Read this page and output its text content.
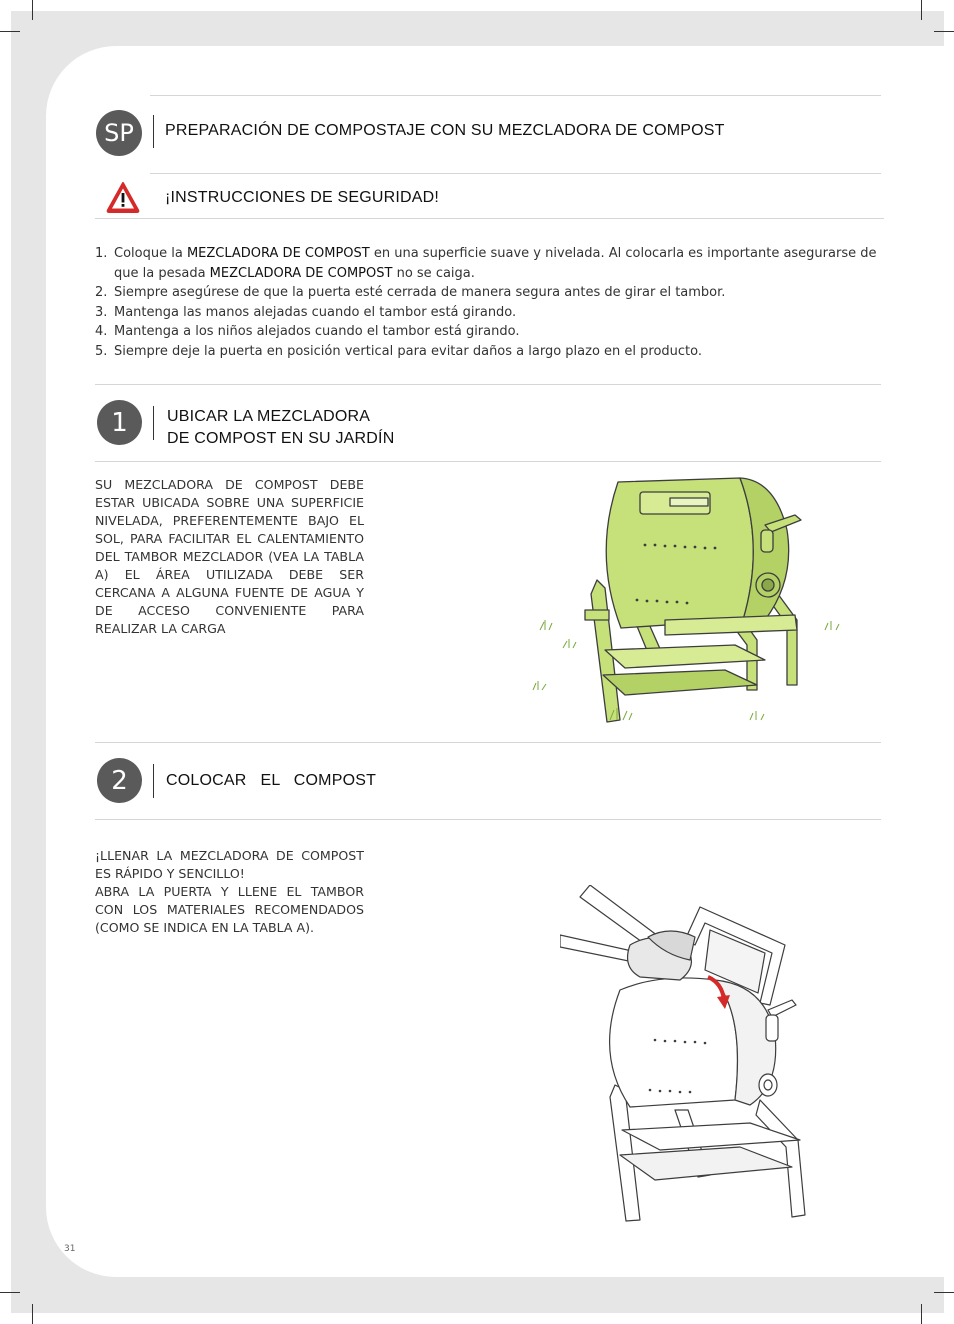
SP	PREPARACIÓN DE COMPOSTAJE CON SU MEZCLADORA DE COMPOST
¡INSTRUCCIONES DE SEGURIDAD!
1. Coloque la MEZCLADORA DE COMPOST en una superficie suave y nivelada. Al colocarla es importante asegurarse de que la pesada MEZCLADORA DE COMPOST no se caiga.
2. Siempre asegúrese de que la puerta esté cerrada de manera segura antes de girar el tambor.
3. Mantenga las manos alejadas cuando el tambor está girando.
4. Mantenga a los niños alejados cuando el tambor está girando.
5. Siempre deje la puerta en posición vertical para evitar daños a largo plazo en el producto.
1	UBICAR LA MEZCLADORA
DE COMPOST EN SU JARDÍN
SU MEZCLADORA DE COMPOST DEBE ESTAR UBICADA SOBRE UNA SUPERFICIE NIVELADA, PREFERENTEMENTE BAJO EL SOL, PARA FACILITAR EL CALENTAMIENTO DEL TAMBOR MEZCLADOR (VEA LA TABLA A) EL ÁREA UTILIZADA DEBE SER CERCANA A ALGUNA FUENTE DE AGUA Y DE ACCESO CONVENIENTE PARA REALIZAR LA CARGA
2	COLOCAR   EL   COMPOST
¡LLENAR LA MEZCLADORA DE COMPOST ES RÁPIDO Y SENCILLO!
ABRA LA PUERTA Y LLENE EL TAMBOR CON LOS MATERIALES RECOMENDADOS (COMO SE INDICA EN LA TABLA A).
31
